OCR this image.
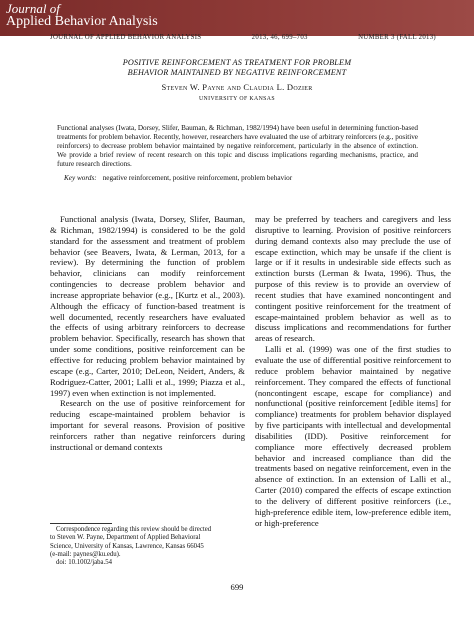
Journal of
Applied Behavior Analysis
JOURNAL OF APPLIED BEHAVIOR ANALYSIS	2013, 46, 699–703	NUMBER 3 (FALL 2013)
POSITIVE REINFORCEMENT AS TREATMENT FOR PROBLEM
BEHAVIOR MAINTAINED BY NEGATIVE REINFORCEMENT
Steven W. Payne and Claudia L. Dozier
UNIVERSITY OF KANSAS
Functional analyses (Iwata, Dorsey, Slifer, Bauman, & Richman, 1982/1994) have been useful in determining function-based treatments for problem behavior. Recently, however, researchers have evaluated the use of arbitrary reinforcers (e.g., positive reinforcers) to decrease problem behavior maintained by negative reinforcement, particularly in the absence of extinction. We provide a brief review of recent research on this topic and discuss implications regarding mechanisms, practice, and future research directions.
Key words: negative reinforcement, positive reinforcement, problem behavior

Functional analysis (Iwata, Dorsey, Slifer, Bauman, & Richman, 1982/1994) is considered to be the gold standard for the assessment and treatment of problem behavior (see Beavers, Iwata, & Lerman, 2013, for a review). By determining the function of problem behavior, clinicians can modify reinforcement contingencies to decrease problem behavior and increase appropriate behavior (e.g., [Kurtz et al., 2003). Although the efficacy of function-based treatment is well documented, recently researchers have evaluated the effects of using arbitrary reinforcers to decrease problem behavior. Specifically, research has shown that under some conditions, positive reinforcement can be effective for reducing problem behavior maintained by escape (e.g., Carter, 2010; DeLeon, Neidert, Anders, & Rodriguez-Catter, 2001; Lalli et al., 1999; Piazza et al., 1997) even when extinction is not implemented.

Research on the use of positive reinforcement for reducing escape-maintained problem behavior is important for several reasons. Provision of positive reinforcers rather than negative reinforcers during instructional or demand contexts

may be preferred by teachers and caregivers and less disruptive to learning. Provision of positive reinforcers during demand contexts also may preclude the use of escape extinction, which may be unsafe if the client is large or if it results in undesirable side effects such as extinction bursts (Lerman & Iwata, 1996). Thus, the purpose of this review is to provide an overview of recent studies that have examined noncontingent and contingent positive reinforcement for the treatment of escape-maintained problem behavior as well as to discuss implications and recommendations for further areas of research.

Lalli et al. (1999) was one of the first studies to evaluate the use of differential positive reinforcement to reduce problem behavior maintained by negative reinforcement. They compared the effects of functional (noncontingent escape, escape for compliance) and nonfunctional (positive reinforcement [edible items] for compliance) treatments for problem behavior displayed by five participants with intellectual and developmental disabilities (IDD). Positive reinforcement for compliance more effectively decreased problem behavior and increased compliance than did the treatments based on negative reinforcement, even in the absence of extinction. In an extension of Lalli et al., Carter (2010) compared the effects of escape extinction to the delivery of different positive reinforcers (i.e., high-preference edible item, low-preference edible item, or high-preference

Correspondence regarding this review should be directed
to Steven W. Payne, Department of Applied Behavioral
Science, University of Kansas, Lawrence, Kansas 66045
(e-mail: paynes@ku.edu).
doi: 10.1002/jaba.54
699
